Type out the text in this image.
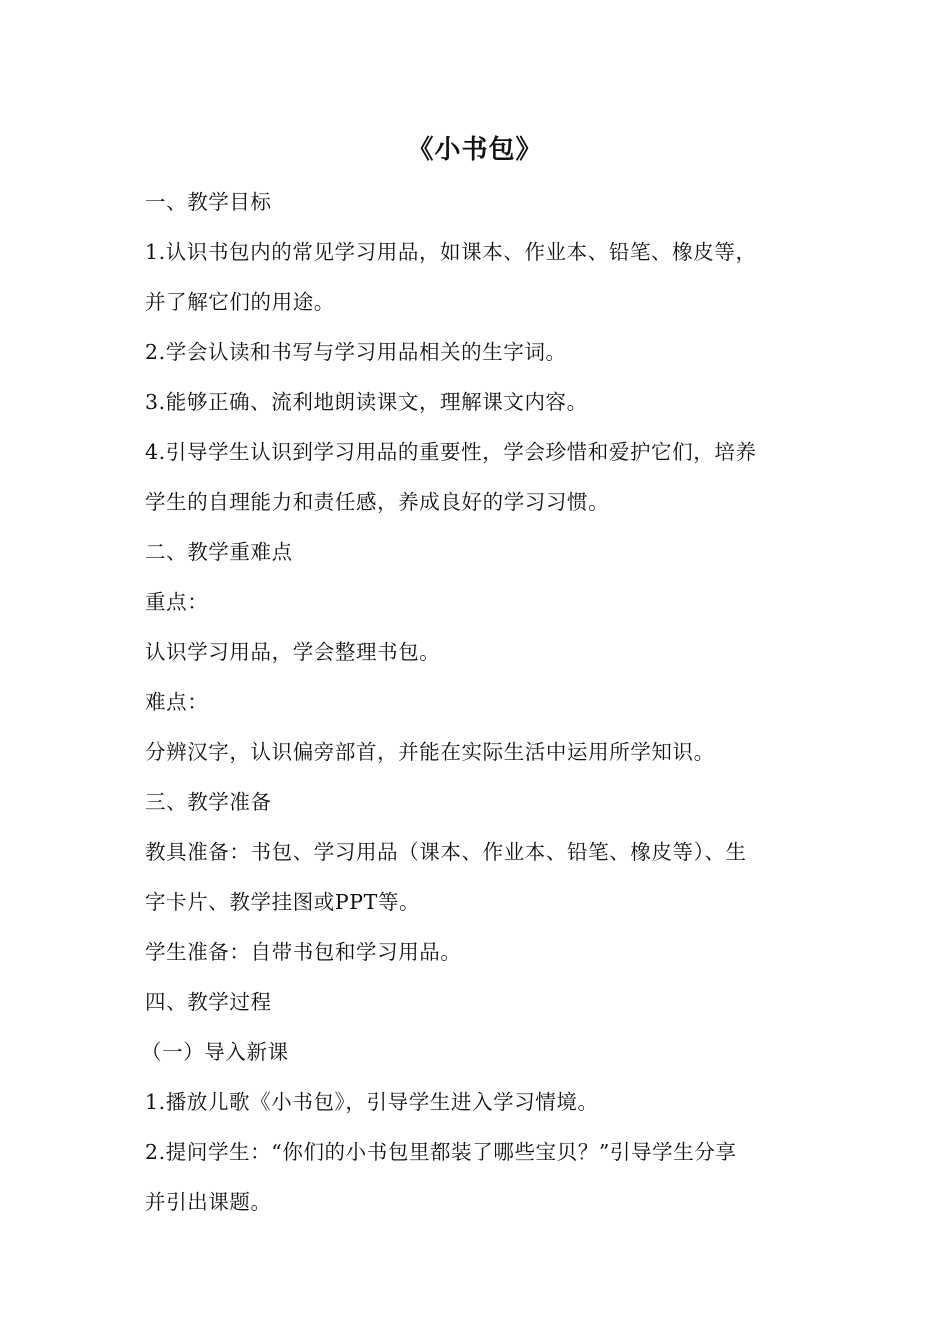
《小书包》
一、教学目标
1.认识书包内的常见学习用品，如课本、作业本、铅笔、橡皮等，
并了解它们的用途。
2.学会认读和书写与学习用品相关的生字词。
3.能够正确、流利地朗读课文，理解课文内容。
4.引导学生认识到学习用品的重要性，学会珍惜和爱护它们，培养
学生的自理能力和责任感，养成良好的学习习惯。
二、教学重难点
重点：
认识学习用品，学会整理书包。
难点：
分辨汉字，认识偏旁部首，并能在实际生活中运用所学知识。
三、教学准备
教具准备：书包、学习用品（课本、作业本、铅笔、橡皮等）、生
字卡片、教学挂图或PPT等。
学生准备：自带书包和学习用品。
四、教学过程
（一）导入新课
1.播放儿歌《小书包》，引导学生进入学习情境。
2.提问学生：“你们的小书包里都装了哪些宝贝？”引导学生分享
并引出课题。
